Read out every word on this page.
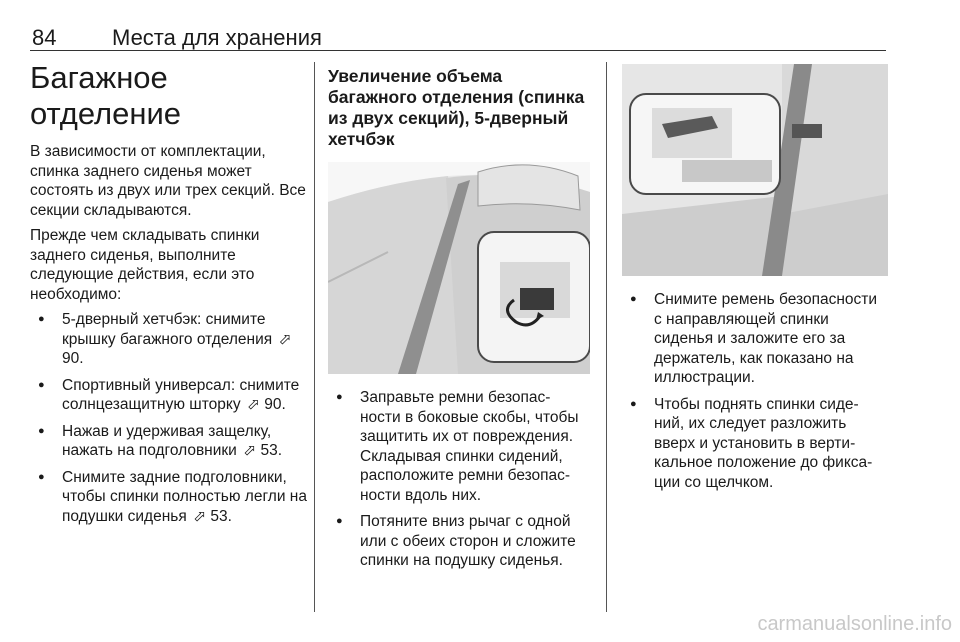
84	Места для хранения
Багажное отделение

В зависимости от комплектации, спинка заднего сиденья может состоять из двух или трех секций. Все секции складываются.

Прежде чем складывать спинки заднего сиденья, выполните следующие действия, если это необходимо:

● 5-дверный хетчбэк: снимите крышку багажного отделения ⬀ 90.
● Спортивный универсал: снимите солнцезащитную шторку ⬀ 90.
● Нажав и удерживая защелку, нажать на подголовники ⬀ 53.
● Снимите задние подголовники, чтобы спинки полностью легли на подушки сиденья ⬀ 53.
Увеличение объема багажного отделения (спинка из двух секций), 5-дверный хетчбэк
● Заправьте ремни безопас-ности в боковые скобы, чтобы защитить их от повреждения. Складывая спинки сидений, расположите ремни безопас-ности вдоль них.
● Потяните вниз рычаг с одной или с обеих сторон и сложите спинки на подушку сиденья.
● Снимите ремень безопасности с направляющей спинки сиденья и заложите его за держатель, как показано на иллюстрации.
● Чтобы поднять спинки сиде-ний, их следует разложить вверх и установить в верти-кальное положение до фикса-ции со щелчком.
carmanualsonline.info
